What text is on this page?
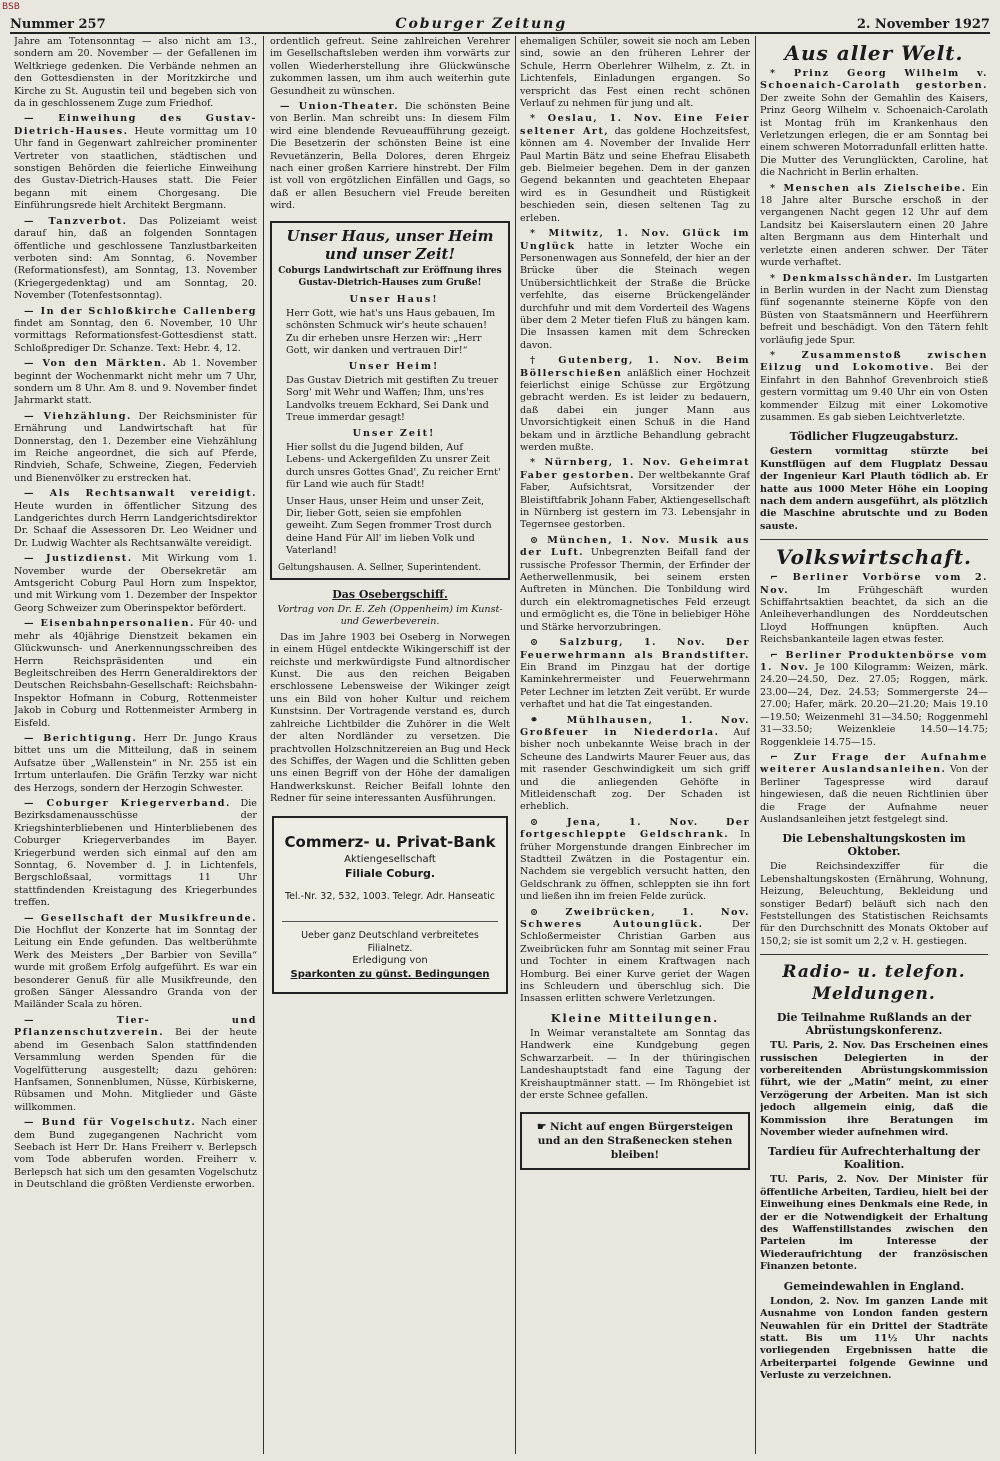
BSB
Nummer 257	Coburger Zeitung	2. November 1927

Jahre am Totensonntag — also nicht am 13., sondern am 20. November — der Gefallenen im Weltkriege gedenken. Die Verbände nehmen an den Gottesdiensten in der Moritzkirche und Kirche zu St. Augustin teil und begeben sich von da in geschlossenem Zuge zum Friedhof.

— Einweihung des Gustav-Dietrich-Hauses. Heute vormittag um 10 Uhr fand in Gegenwart zahlreicher prominenter Vertreter von staatlichen, städtischen und sonstigen Behörden die feierliche Einweihung des Gustav-Dietrich-Hauses statt. Die Feier begann mit einem Chorgesang. Die Einführungsrede hielt Architekt Bergmann.

— Tanzverbot. Das Polizeiamt weist darauf hin, daß an folgenden Sonntagen öffentliche und geschlossene Tanzlustbarkeiten verboten sind: Am Sonntag, 6. November (Reformationsfest), am Sonntag, 13. November (Kriegergedenktag) und am Sonntag, 20. November (Totenfestsonntag).

— In der Schloßkirche Callenberg findet am Sonntag, den 6. November, 10 Uhr vormittags Reformationsfest-Gottesdienst statt. Schloßprediger Dr. Schanze. Text: Hebr. 4, 12.

— Von den Märkten. Ab 1. November beginnt der Wochenmarkt nicht mehr um 7 Uhr, sondern um 8 Uhr. Am 8. und 9. November findet Jahrmarkt statt.

— Viehzählung. Der Reichsminister für Ernährung und Landwirtschaft hat für Donnerstag, den 1. Dezember eine Viehzählung im Reiche angeordnet, die sich auf Pferde, Rindvieh, Schafe, Schweine, Ziegen, Federvieh und Bienenvölker zu erstrecken hat.

— Als Rechtsanwalt vereidigt. Heute wurden in öffentlicher Sitzung des Landgerichtes durch Herrn Landgerichtsdirektor Dr. Schaaf die Assessoren Dr. Leo Weidner und Dr. Ludwig Wachter als Rechtsanwälte vereidigt.

— Justizdienst. Mit Wirkung vom 1. November wurde der Obersekretär am Amtsgericht Coburg Paul Horn zum Inspektor, und mit Wirkung vom 1. Dezember der Inspektor Georg Schweizer zum Oberinspektor befördert.

— Eisenbahnpersonalien. Für 40- und mehr als 40jährige Dienstzeit bekamen ein Glückwunsch- und Anerkennungsschreiben des Herrn Reichspräsidenten und ein Begleitschreiben des Herrn Generaldirektors der Deutschen Reichsbahn-Gesellschaft: Reichsbahn-Inspektor Hofmann in Coburg, Rottenmeister Jakob in Coburg und Rottenmeister Armberg in Eisfeld.

— Berichtigung. Herr Dr. Jungo Kraus bittet uns um die Mitteilung, daß in seinem Aufsatze über „Wallenstein“ in Nr. 255 ist ein Irrtum unterlaufen. Die Gräfin Terzky war nicht des Herzogs, sondern der Herzogin Schwester.

— Coburger Kriegerverband. Die Bezirksdamenausschüsse der Kriegshinterbliebenen und Hinterbliebenen des Coburger Kriegerverbandes im Bayer. Kriegerbund werden sich einmal auf den am Sonntag, 6. November d. J. in Lichtenfels, Bergschloßsaal, vormittags 11 Uhr stattfindenden Kreistagung des Kriegerbundes treffen.

— Gesellschaft der Musikfreunde. Die Hochflut der Konzerte hat im Sonntag der Leitung ein Ende gefunden. Das weltberühmte Werk des Meisters „Der Barbier von Sevilla“ wurde mit großem Erfolg aufgeführt. Es war ein besonderer Genuß für alle Musikfreunde, den großen Sänger Alessandro Granda von der Mailänder Scala zu hören.

— Tier- und Pflanzenschutzverein. Bei der heute abend im Gesenbach Salon stattfindenden Versammlung werden Spenden für die Vogelfütterung ausgestellt; dazu gehören: Hanfsamen, Sonnenblumen, Nüsse, Kürbiskerne, Rübsamen und Mohn. Mitglieder und Gäste willkommen.

— Bund für Vogelschutz. Nach einer dem Bund zugegangenen Nachricht vom Seebach ist Herr Dr. Hans Freiherr v. Berlepsch vom Tode abberufen worden. Freiherr v. Berlepsch hat sich um den gesamten Vogelschutz in Deutschland die größten Verdienste erworben.

ordentlich gefreut. Seine zahlreichen Verehrer im Gesellschaftsleben werden ihm vorwärts zur vollen Wiederherstellung ihre Glückwünsche zukommen lassen, um ihm auch weiterhin gute Gesundheit zu wünschen.

— Union-Theater. Die schönsten Beine von Berlin. Man schreibt uns: In diesem Film wird eine blendende Revueaufführung gezeigt. Die Besetzerin der schönsten Beine ist eine Revuetänzerin, Bella Dolores, deren Ehrgeiz nach einer großen Karriere hinstrebt. Der Film ist voll von ergötzlichen Einfällen und Gags, so daß er allen Besuchern viel Freude bereiten wird.

Unser Haus, unser Heim und unser Zeit!
Coburgs Landwirtschaft zur Eröffnung ihres Gustav-Dietrich-Hauses zum Gruße!
Unser Haus!
Herr Gott, wie hat's uns Haus gebauen, Im schönsten Schmuck wir's heute schauen! Zu dir erheben unsre Herzen wir: „Herr Gott, wir danken und vertrauen Dir!“
Unser Heim!
Das Gustav Dietrich mit gestiften Zu treuer Sorg' mit Wehr und Waffen; Ihm, uns'res Landvolks treuem Eckhard, Sei Dank und Treue immerdar gesagt!
Unser Zeit!
Hier sollst du die Jugend bilden, Auf Lebens- und Ackergefilden Zu unsrer Zeit durch unsres Gottes Gnad', Zu reicher Ernt' für Land wie auch für Stadt!
Unser Haus, unser Heim und unser Zeit, Dir, lieber Gott, seien sie empfohlen geweiht. Zum Segen frommer Trost durch deine Hand Für All' im lieben Volk und Vaterland!
Geltungshausen. A. Sellner, Superintendent.
Das Osebergschiff.

Vortrag von Dr. E. Zeh (Oppenheim) im Kunst- und Gewerbeverein.

Das im Jahre 1903 bei Oseberg in Norwegen in einem Hügel entdeckte Wikingerschiff ist der reichste und merkwürdigste Fund altnordischer Kunst. Die aus den reichen Beigaben erschlossene Lebensweise der Wikinger zeigt uns ein Bild von hoher Kultur und reichem Kunstsinn. Der Vortragende verstand es, durch zahlreiche Lichtbilder die Zuhörer in die Welt der alten Nordländer zu versetzen. Die prachtvollen Holzschnitzereien an Bug und Heck des Schiffes, der Wagen und die Schlitten geben uns einen Begriff von der Höhe der damaligen Handwerkskunst. Reicher Beifall lohnte den Redner für seine interessanten Ausführungen.

Commerz- u. Privat-Bank
Aktiengesellschaft
Filiale Coburg.
Tel.-Nr. 32, 532, 1003. Telegr. Adr. Hanseatic
Ueber ganz Deutschland verbreitetes Filialnetz.
Erledigung von
Sparkonten zu günst. Bedingungen

ehemaligen Schüler, soweit sie noch am Leben sind, sowie an den früheren Lehrer der Schule, Herrn Oberlehrer Wilhelm, z. Zt. in Lichtenfels, Einladungen ergangen. So verspricht das Fest einen recht schönen Verlauf zu nehmen für jung und alt.

* Oeslau, 1. Nov. Eine Feier seltener Art, das goldene Hochzeitsfest, können am 4. November der Invalide Herr Paul Martin Bätz und seine Ehefrau Elisabeth geb. Bielmeier begehen. Dem in der ganzen Gegend bekannten und geachteten Ehepaar wird es in Gesundheit und Rüstigkeit beschieden sein, diesen seltenen Tag zu erleben.

* Mitwitz, 1. Nov. Glück im Unglück hatte in letzter Woche ein Personenwagen aus Sonnefeld, der hier an der Brücke über die Steinach wegen Unübersichtlichkeit der Straße die Brücke verfehlte, das eiserne Brückengeländer durchfuhr und mit dem Vorderteil des Wagens über dem 2 Meter tiefen Fluß zu hängen kam. Die Insassen kamen mit dem Schrecken davon.

† Gutenberg, 1. Nov. Beim Böllerschießen anläßlich einer Hochzeit feierlichst einige Schüsse zur Ergötzung gebracht werden. Es ist leider zu bedauern, daß dabei ein junger Mann aus Unvorsichtigkeit einen Schuß in die Hand bekam und in ärztliche Behandlung gebracht werden mußte.

* Nürnberg, 1. Nov. Geheimrat Faber gestorben. Der weltbekannte Graf Faber, Aufsichtsrat, Vorsitzender der Bleistiftfabrik Johann Faber, Aktiengesellschaft in Nürnberg ist gestern im 73. Lebensjahr in Tegernsee gestorben.

⊙ München, 1. Nov. Musik aus der Luft. Unbegrenzten Beifall fand der russische Professor Thermin, der Erfinder der Aetherwellenmusik, bei seinem ersten Auftreten in München. Die Tonbildung wird durch ein elektromagnetisches Feld erzeugt und ermöglicht es, die Töne in beliebiger Höhe und Stärke hervorzubringen.

⊙ Salzburg, 1. Nov. Der Feuerwehrmann als Brandstifter. Ein Brand im Pinzgau hat der dortige Kaminkehrermeister und Feuerwehrmann Peter Lechner im letzten Zeit verübt. Er wurde verhaftet und hat die Tat eingestanden.

⚭ Mühlhausen, 1. Nov. Großfeuer in Niederdorla. Auf bisher noch unbekannte Weise brach in der Scheune des Landwirts Maurer Feuer aus, das mit rasender Geschwindigkeit um sich griff und die anliegenden Gehöfte in Mitleidenschaft zog. Der Schaden ist erheblich.

⊙ Jena, 1. Nov. Der fortgeschleppte Geldschrank. In früher Morgenstunde drangen Einbrecher im Stadtteil Zwätzen in die Postagentur ein. Nachdem sie vergeblich versucht hatten, den Geldschrank zu öffnen, schleppten sie ihn fort und ließen ihn im freien Felde zurück.

⊙ Zweibrücken, 1. Nov. Schweres Autounglück.	Der Schloßermeister Christian Garben aus Zweibrücken fuhr am Sonntag mit seiner Frau und Tochter in einem Kraftwagen nach Homburg. Bei einer Kurve geriet der Wagen ins Schleudern und überschlug sich. Die Insassen erlitten schwere Verletzungen.

Kleine Mitteilungen.

In Weimar veranstaltete am Sonntag das Handwerk eine Kundgebung gegen Schwarzarbeit. — In der thüringischen Landeshauptstadt fand eine Tagung der Kreishauptmänner statt. — Im Rhöngebiet ist der erste Schnee gefallen.

☛ Nicht auf engen Bürgersteigen und an den Straßenecken stehen bleiben!
Aus aller Welt.

* Prinz Georg Wilhelm v. Schoenaich-Carolath gestorben. Der zweite Sohn der Gemahlin des Kaisers, Prinz Georg Wilhelm v. Schoenaich-Carolath ist Montag früh im Krankenhaus den Verletzungen erlegen, die er am Sonntag bei einem schweren Motorradunfall erlitten hatte. Die Mutter des Verunglückten, Caroline, hat die Nachricht in Berlin erhalten.

* Menschen als Zielscheibe. Ein 18 Jahre alter Bursche erschoß in der vergangenen Nacht gegen 12 Uhr auf dem Landsitz bei Kaiserslautern einen 20 Jahre alten Bergmann aus dem Hinterhalt und verletzte einen anderen schwer. Der Täter wurde verhaftet.

* Denkmalsschänder. Im Lustgarten in Berlin wurden in der Nacht zum Dienstag fünf sogenannte steinerne Köpfe von den Büsten von Staatsmännern und Heerführern befreit und beschädigt. Von den Tätern fehlt vorläufig jede Spur.

* Zusammenstoß zwischen Eilzug und Lokomotive. Bei der Einfahrt in den Bahnhof Grevenbroich stieß gestern vormittag um 9.40 Uhr ein von Osten kommender Eilzug mit einer Lokomotive zusammen. Es gab sieben Leichtverletzte.

Tödlicher Flugzeugabsturz.

Gestern vormittag stürzte bei Kunstflügen auf dem Flugplatz Dessau der Ingenieur Karl Plauth tödlich ab. Er hatte aus 1000 Meter Höhe ein Looping nach dem andern ausgeführt, als plötzlich die Maschine abrutschte und zu Boden sauste.

Volkswirtschaft.

⌐ Berliner Vorbörse vom 2. Nov.	Im Frühgeschäft wurden Schiffahrtsaktien beachtet, da sich an die Anleiheverhandlungen des Norddeutschen Lloyd Hoffnungen knüpften. Auch Reichsbankanteile lagen etwas fester.

⌐ Berliner Produktenbörse vom 1. Nov. Je 100 Kilogramm: Weizen, märk. 24.20—24.50, Dez. 27.05; Roggen, märk. 23.00—24, Dez. 24.53; Sommergerste 24—27.00; Hafer, märk. 20.20—21.20; Mais 19.10—19.50; Weizenmehl 31—34.50; Roggenmehl 31—33.50; Weizenkleie 14.50—14.75; Roggenkleie 14.75—15.

⌐ Zur Frage der Aufnahme weiterer Auslandsanleihen. Von der Berliner Tagespresse wird darauf hingewiesen, daß die neuen Richtlinien über die Frage der Aufnahme neuer Auslandsanleihen jetzt festgelegt sind.

Die Lebenshaltungskosten im Oktober.

Die Reichsindexziffer für die Lebenshaltungskosten (Ernährung, Wohnung, Heizung, Beleuchtung, Bekleidung und sonstiger Bedarf) beläuft sich nach den Feststellungen des Statistischen Reichsamts für den Durchschnitt des Monats Oktober auf 150,2; sie ist somit um 2,2 v. H. gestiegen.

Radio- u. telefon. Meldungen.
Die Teilnahme Rußlands an der Abrüstungskonferenz.

TU. Paris, 2. Nov. Das Erscheinen eines russischen Delegierten in der vorbereitenden Abrüstungskommission führt, wie der „Matin“ meint, zu einer Verzögerung der Arbeiten. Man ist sich jedoch allgemein einig, daß die Kommission ihre Beratungen im November wieder aufnehmen wird.

Tardieu für Aufrechterhaltung der Koalition.

TU. Paris, 2. Nov. Der Minister für öffentliche Arbeiten, Tardieu, hielt bei der Einweihung eines Denkmals eine Rede, in der er die Notwendigkeit der Erhaltung des Waffenstillstandes zwischen den Parteien im Interesse der Wiederaufrichtung der französischen Finanzen betonte.

Gemeindewahlen in England.

London, 2. Nov. Im ganzen Lande mit Ausnahme von London fanden gestern Neuwahlen für ein Drittel der Stadträte statt. Bis um 11½ Uhr nachts vorliegenden Ergebnissen hatte die Arbeiterpartei folgende Gewinne und Verluste zu verzeichnen.
